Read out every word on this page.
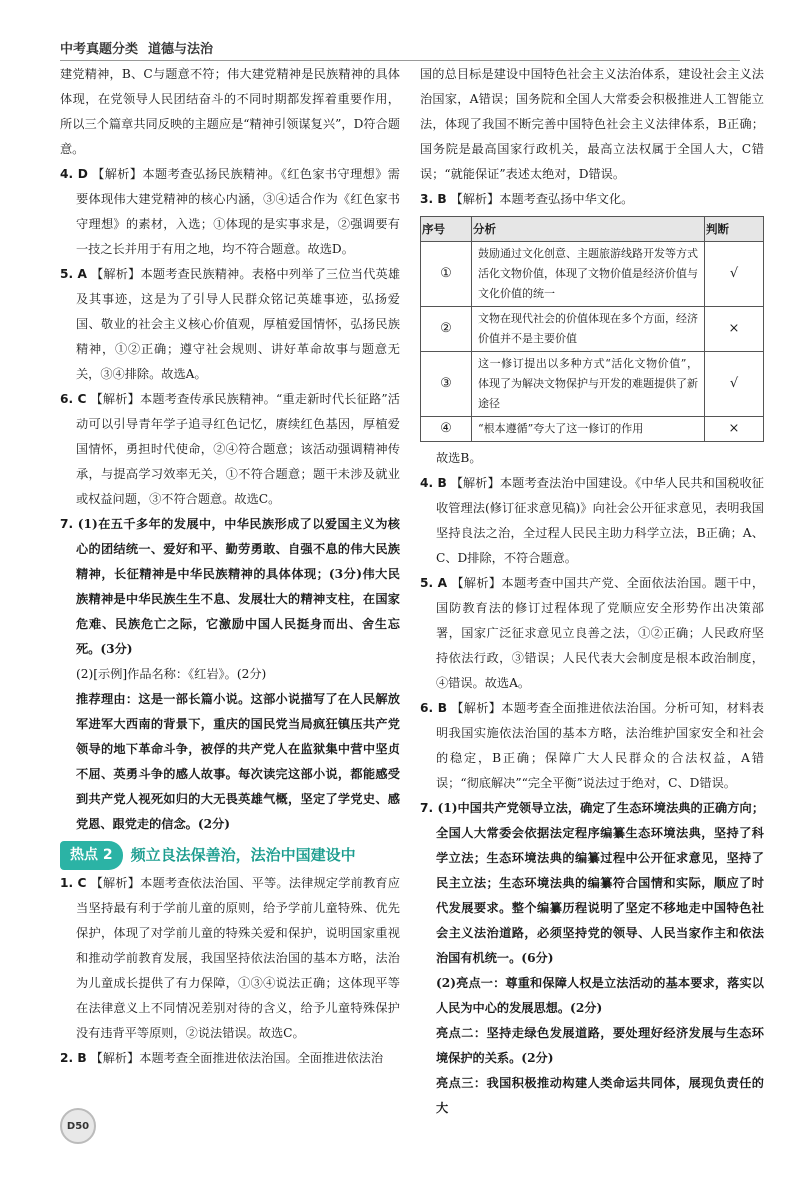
中考真题分类 道德与法治

建党精神，B、C与题意不符；伟大建党精神是民族精神的具体体现，在党领导人民团结奋斗的不同时期都发挥着重要作用，所以三个篇章共同反映的主题应是“精神引领谋复兴”，D符合题意。

4. D 【解析】本题考查弘扬民族精神。《红色家书守理想》需要体现伟大建党精神的核心内涵，③④适合作为《红色家书守理想》的素材，入选；①体现的是实事求是，②强调要有一技之长并用于有用之地，均不符合题意。故选D。

5. A 【解析】本题考查民族精神。表格中列举了三位当代英雄及其事迹，这是为了引导人民群众铭记英雄事迹，弘扬爱国、敬业的社会主义核心价值观，厚植爱国情怀，弘扬民族精神，①②正确；遵守社会规则、讲好革命故事与题意无关，③④排除。故选A。

6. C 【解析】本题考查传承民族精神。“重走新时代长征路”活动可以引导青年学子追寻红色记忆，赓续红色基因，厚植爱国情怀，勇担时代使命，②④符合题意；该活动强调精神传承，与提高学习效率无关，①不符合题意；题干未涉及就业或权益问题，③不符合题意。故选C。

7. (1)在五千多年的发展中，中华民族形成了以爱国主义为核心的团结统一、爱好和平、勤劳勇敢、自强不息的伟大民族精神，长征精神是中华民族精神的具体体现；(3分)伟大民族精神是中华民族生生不息、发展壮大的精神支柱，在国家危难、民族危亡之际，它激励中国人民挺身而出、舍生忘死。(3分)

(2)[示例]作品名称：《红岩》。(2分)

推荐理由：这是一部长篇小说。这部小说描写了在人民解放军进军大西南的背景下，重庆的国民党当局疯狂镇压共产党领导的地下革命斗争，被俘的共产党人在监狱集中营中坚贞不屈、英勇斗争的感人故事。每次读完这部小说，都能感受到共产党人视死如归的大无畏英雄气概，坚定了学党史、感党恩、跟党走的信念。(2分)

热点 2	频立良法保善治，法治中国建设中

1. C 【解析】本题考查依法治国、平等。法律规定学前教育应当坚持最有利于学前儿童的原则，给予学前儿童特殊、优先保护，体现了对学前儿童的特殊关爱和保护，说明国家重视和推动学前教育发展，我国坚持依法治国的基本方略，法治为儿童成长提供了有力保障，①③④说法正确；这体现平等在法律意义上不同情况差别对待的含义，给予儿童特殊保护没有违背平等原则，②说法错误。故选C。

2. B 【解析】本题考查全面推进依法治国。全面推进依法治

国的总目标是建设中国特色社会主义法治体系，建设社会主义法治国家，A错误；国务院和全国人大常委会积极推进人工智能立法，体现了我国不断完善中国特色社会主义法律体系，B正确；国务院是最高国家行政机关，最高立法权属于全国人大，C错误；“就能保证”表述太绝对，D错误。

3. B 【解析】本题考查弘扬中华文化。

序号	分析	判断
①	鼓励通过文化创意、主题旅游线路开发等方式活化文物价值，体现了文物价值是经济价值与文化价值的统一	√
②	文物在现代社会的价值体现在多个方面，经济价值并不是主要价值	×
③	这一修订提出以多种方式“活化文物价值”，体现了为解决文物保护与开发的难题提供了新途径	√
④	“根本遵循”夸大了这一修订的作用	×

故选B。

4. B 【解析】本题考查法治中国建设。《中华人民共和国税收征收管理法(修订征求意见稿)》向社会公开征求意见，表明我国坚持良法之治，全过程人民民主助力科学立法，B正确；A、C、D排除，不符合题意。

5. A 【解析】本题考查中国共产党、全面依法治国。题干中，国防教育法的修订过程体现了党顺应安全形势作出决策部署，国家广泛征求意见立良善之法，①②正确；人民政府坚持依法行政，③错误；人民代表大会制度是根本政治制度，④错误。故选A。

6. B 【解析】本题考查全面推进依法治国。分析可知，材料表明我国实施依法治国的基本方略，法治维护国家安全和社会的稳定，B正确；保障广大人民群众的合法权益，A错误；“彻底解决”“完全平衡”说法过于绝对，C、D错误。

7. (1)中国共产党领导立法，确定了生态环境法典的正确方向；全国人大常委会依据法定程序编纂生态环境法典，坚持了科学立法；生态环境法典的编纂过程中公开征求意见，坚持了民主立法；生态环境法典的编纂符合国情和实际，顺应了时代发展要求。整个编纂历程说明了坚定不移地走中国特色社会主义法治道路，必须坚持党的领导、人民当家作主和依法治国有机统一。(6分)

(2)亮点一：尊重和保障人权是立法活动的基本要求，落实以人民为中心的发展思想。(2分)

亮点二：坚持走绿色发展道路，要处理好经济发展与生态环境保护的关系。(2分)

亮点三：我国积极推动构建人类命运共同体，展现负责任的大

D50
